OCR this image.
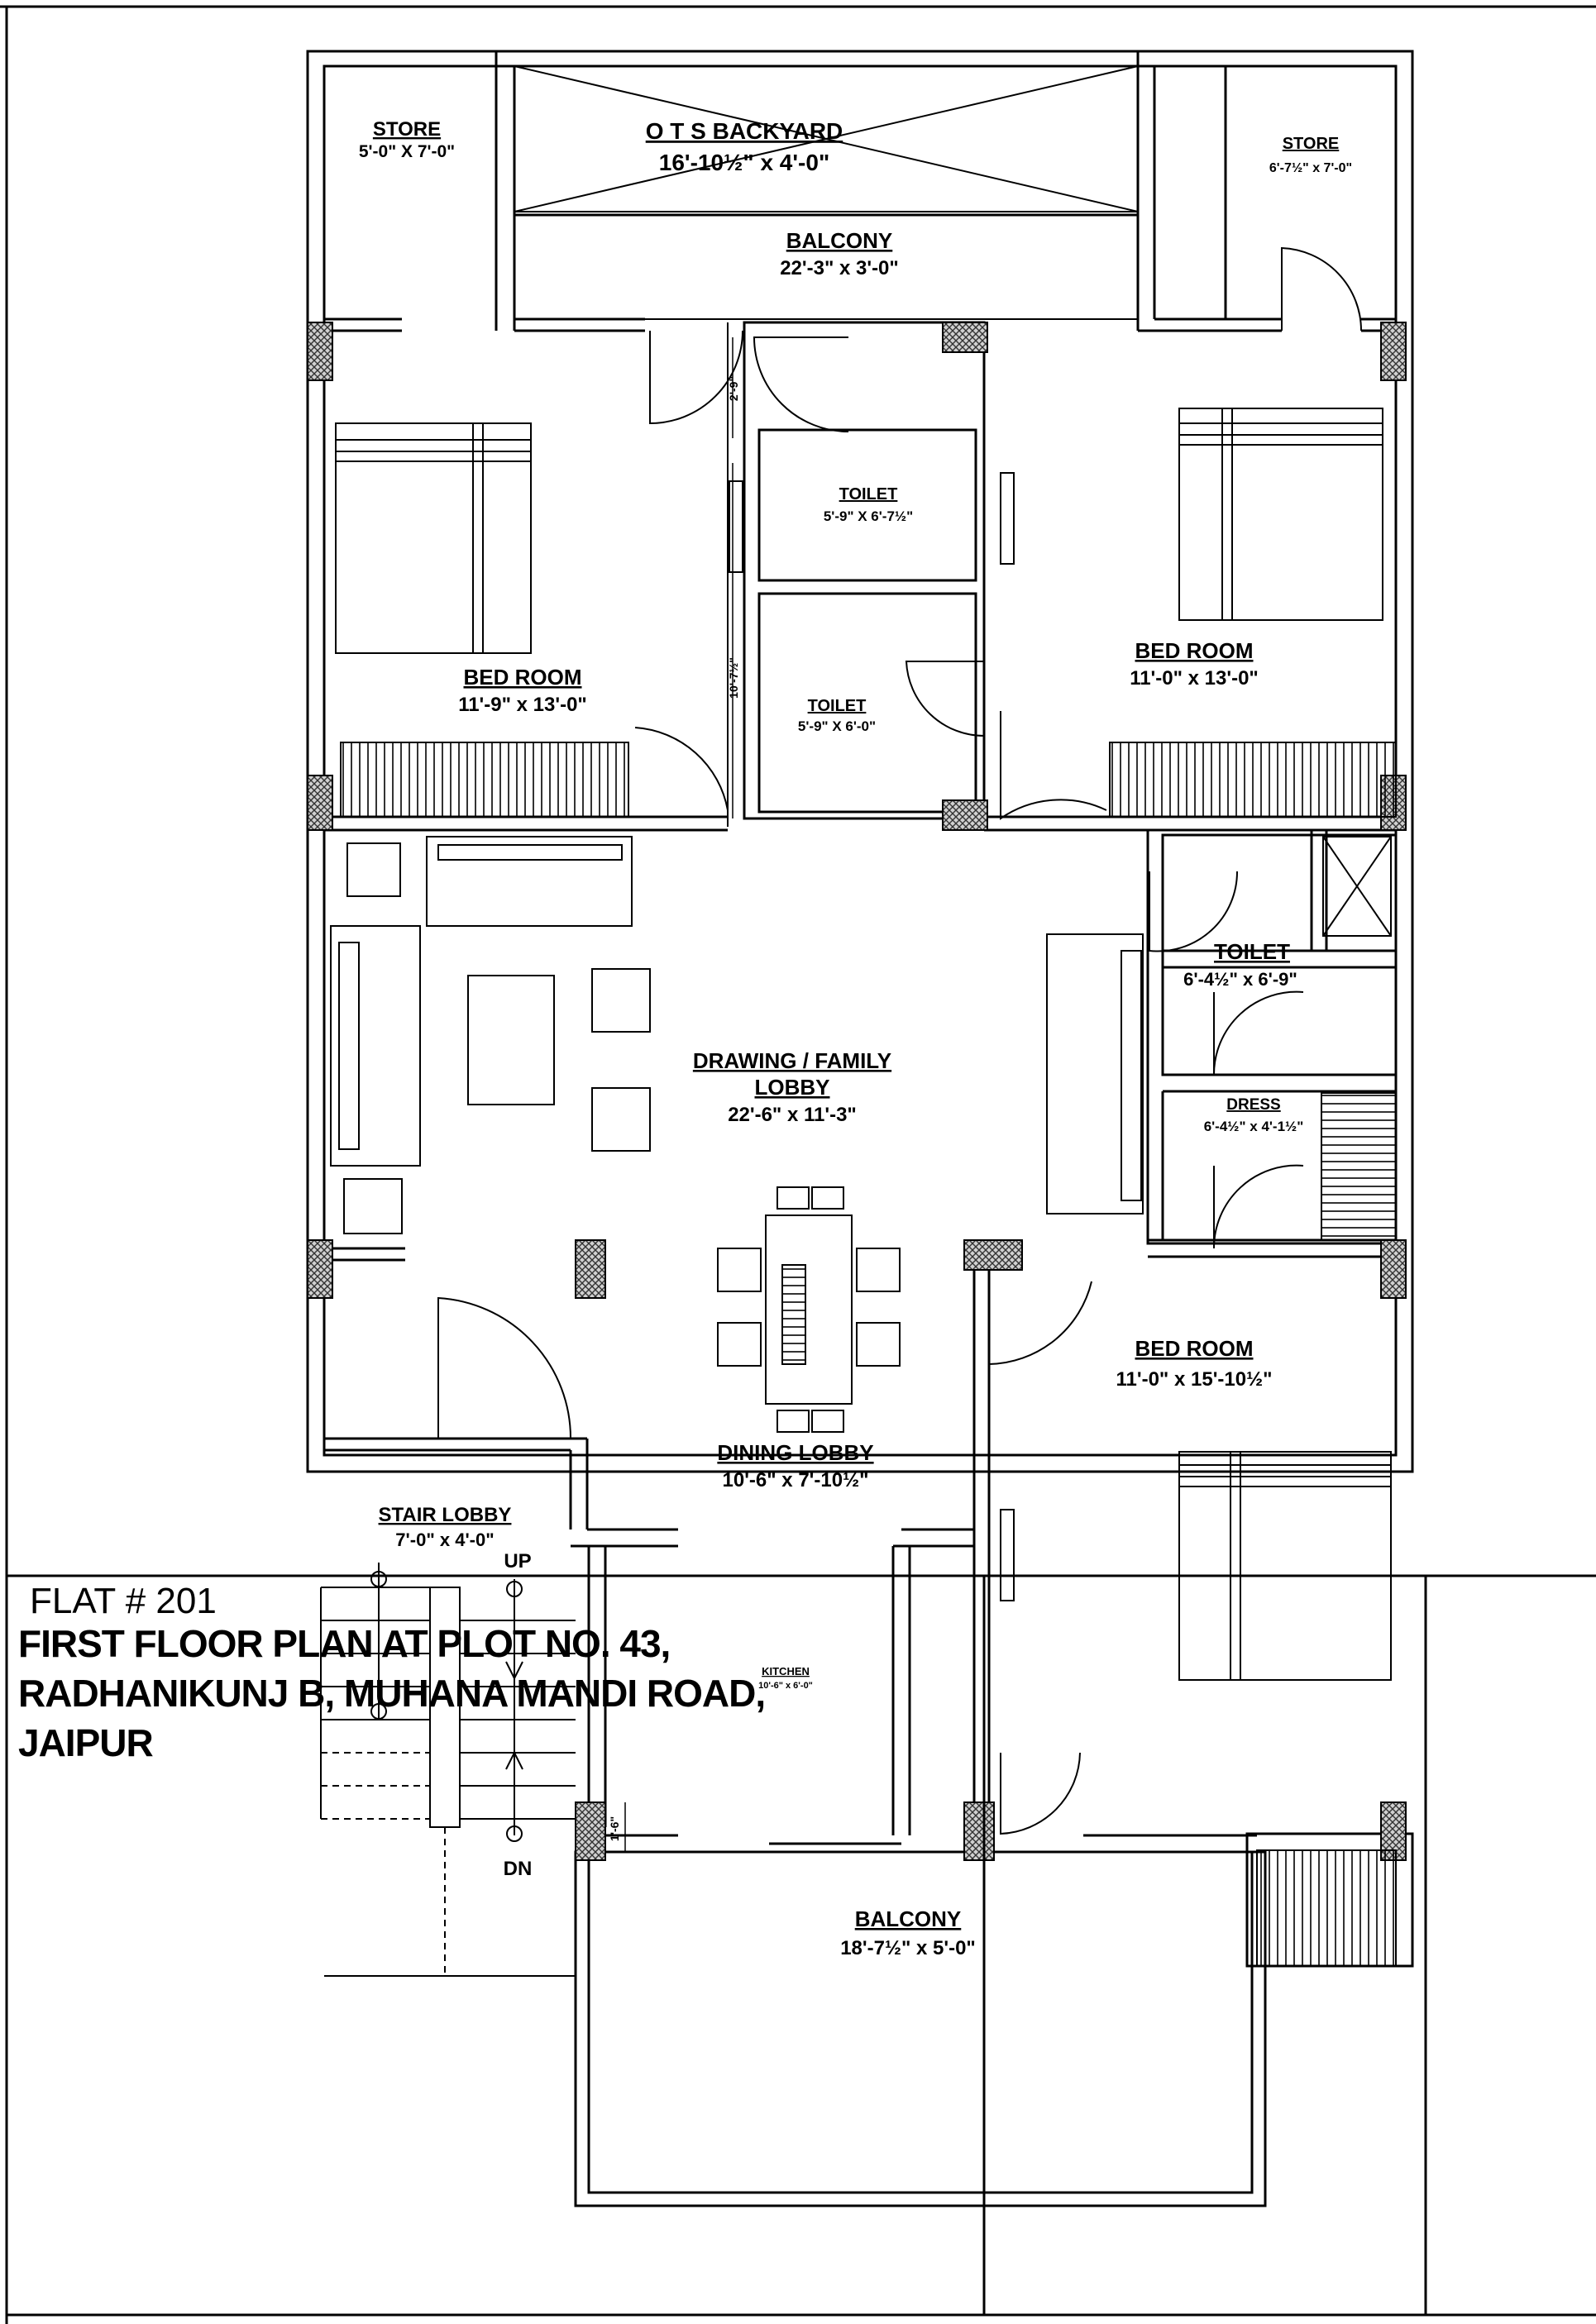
STORE
5'-0" X 7'-0"
O T S BACKYARD
16'-10½" x 4'-0"
STORE
6'-7½" x 7'-0"
BALCONY
22'-3" x 3'-0"
TOILET
5'-9" X 6'-7½"
TOILET
5'-9" X 6'-0"
BED ROOM
11'-9" x 13'-0"
BED ROOM
11'-0" x 13'-0"
TOILET
6'-4½" x 6'-9"
DRESS
6'-4½" x 4'-1½"
DRAWING / FAMILY
LOBBY
22'-6" x 11'-3"
BED ROOM
11'-0" x 15'-10½"
DINING LOBBY
10'-6" x 7'-10½"
STAIR LOBBY
7'-0" x 4'-0"
KITCHEN
10'-6" x 6'-0"
BALCONY
18'-7½" x 5'-0"
UP
DN
2'-9"
10'-7½"
1'-6"
FLAT # 201
FIRST FLOOR PLAN AT PLOT NO. 43,
RADHANIKUNJ B, MUHANA MANDI ROAD,
JAIPUR
